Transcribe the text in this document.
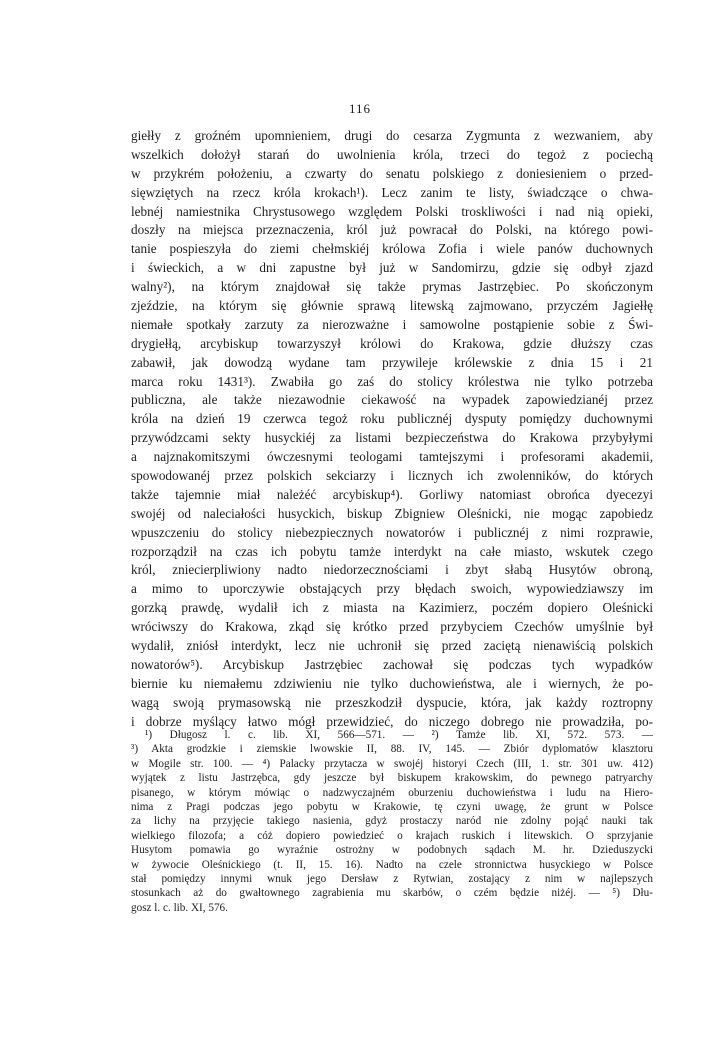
116
giełły z groźném upomnieniem, drugi do cesarza Zygmunta z wezwaniem, aby
wszelkich dołożył starań do uwolnienia króla, trzeci do tegoż z pociechą
w przykrém położeniu, a czwarty do senatu polskiego z doniesieniem o przed-
sięwziętych na rzecz króla krokach¹). Lecz zanim te listy, świadczące o chwa-
lebnéj namiestnika Chrystusowego względem Polski troskliwości i nad nią opieki,
doszły na miejsca przeznaczenia, król już powracał do Polski, na którego powi-
tanie pospieszyła do ziemi chełmskiéj królowa Zofia i wiele panów duchownych
i świeckich, a w dni zapustne był już w Sandomirzu, gdzie się odbył zjazd
walny²), na którym znajdował się także prymas Jastrzębiec. Po skończonym
zjeździe, na którym się głównie sprawą litewską zajmowano, przyczém Jagiełłę
niemałe spotkały zarzuty za nierozważne i samowolne postąpienie sobie z Świ-
drygiełłą, arcybiskup towarzyszył królowi do Krakowa, gdzie dłuższy czas
zabawił, jak dowodzą wydane tam przywileje królewskie z dnia 15 i 21
marca roku 1431³). Zwabiła go zaś do stolicy królestwa nie tylko potrzeba
publiczna, ale także niezawodnie ciekawość na wypadek zapowiedzianéj przez
króla na dzień 19 czerwca tegoż roku publicznéj dysputy pomiędzy duchownymi
przywódzcami sekty husyckiéj za listami bezpieczeństwa do Krakowa przybyłymi
a najznakomitszymi ówczesnymi teologami tamtejszymi i profesorami akademii,
spowodowanéj przez polskich sekciarzy i licznych ich zwolenników, do których
także tajemnie miał należéć arcybiskup⁴). Gorliwy natomiast obrońca dyecezyi
swojéj od naleciałości husyckich, biskup Zbigniew Oleśnicki, nie mogąc zapobiedz
wpuszczeniu do stolicy niebezpiecznych nowatorów i publicznéj z nimi rozprawie,
rozporządził na czas ich pobytu tamże interdykt na całe miasto, wskutek czego
król, zniecierpliwiony nadto niedorzecznościami i zbyt słabą Husytów obroną,
a mimo to uporczywie obstających przy błędach swoich, wypowiedziawszy im
gorzką prawdę, wydalił ich z miasta na Kazimierz, poczém dopiero Oleśnicki
wróciwszy do Krakowa, zkąd się krótko przed przybyciem Czechów umyślnie był
wydalił, zniósł interdykt, lecz nie uchronił się przed zaciętą nienawiścią polskich
nowatorów⁵). Arcybiskup Jastrzębiec zachował się podczas tych wypadków
biernie ku niemałemu zdziwieniu nie tylko duchowieństwa, ale i wiernych, że po-
wagą swoją prymasowską nie przeszkodził dyspucie, która, jak każdy roztropny
i dobrze myślący łatwo mógł przewidzieć, do niczego dobrego nie prowadziła, po-
¹) Długosz l. c. lib. XI, 566—571. — ²) Tamże lib. XI, 572. 573. —
³) Akta grodzkie i ziemskie lwowskie II, 88. IV, 145. — Zbiór dyplomatów klasztoru
w Mogile str. 100. — ⁴) Palacky przytacza w swojéj historyi Czech (III, 1. str. 301 uw. 412)
wyjątek z listu Jastrzębca, gdy jeszcze był biskupem krakowskim, do pewnego patryarchy
pisanego, w którym mówiąc o nadzwyczajném oburzeniu duchowieństwa i ludu na Hiero-
nima z Pragi podczas jego pobytu w Krakowie, tę czyni uwagę, że grunt w Polsce
za lichy na przyjęcie takiego nasienia, gdyż prostaczy naród nie zdolny pojąć nauki tak
wielkiego filozofa; a cóż dopiero powiedzieć o krajach ruskich i litewskich. O sprzyjanie
Husytom pomawia go wyraźnie ostrożny w podobnych sądach M. hr. Dzieduszycki
w żywocie Oleśnickiego (t. II, 15. 16). Nadto na czele stronnictwa husyckiego w Polsce
stał pomiędzy innymi wnuk jego Dersław z Rytwian, zostający z nim w najlepszych
stosunkach aż do gwałtownego zagrabienia mu skarbów, o czém będzie niżéj. — ⁵) Dłu-
gosz l. c. lib. XI, 576.
